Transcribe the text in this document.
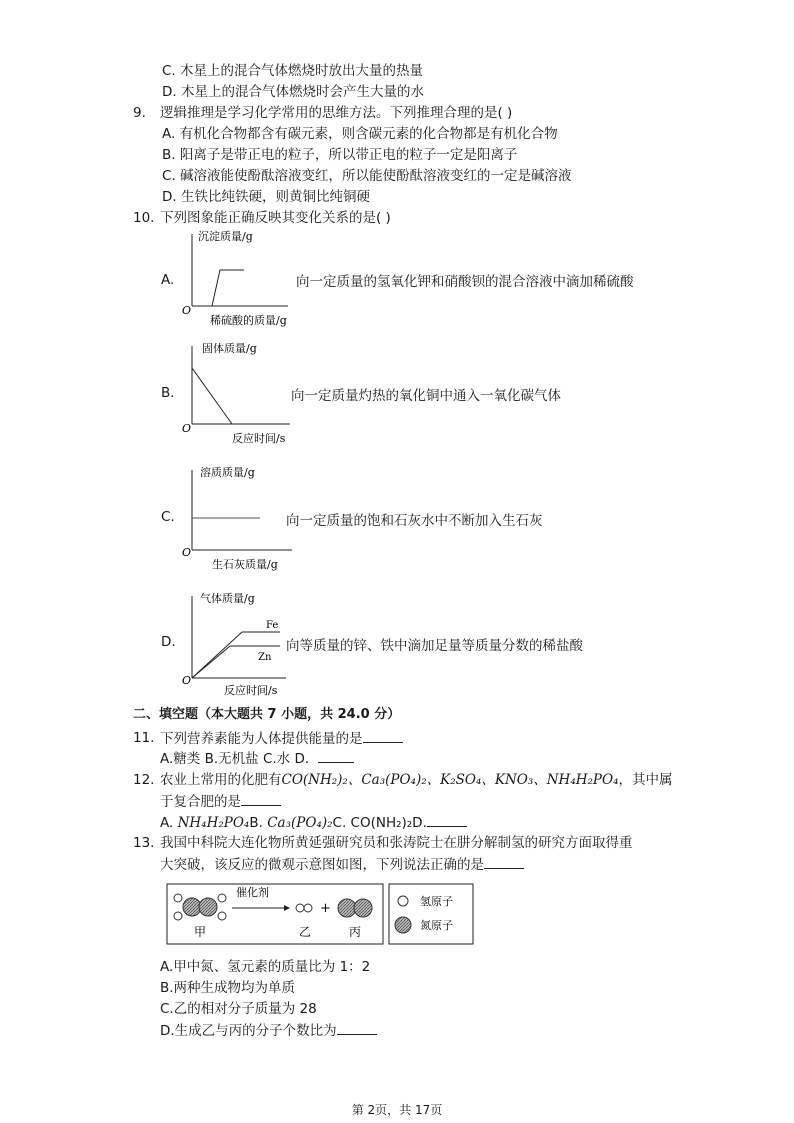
C. 木星上的混合气体燃烧时放出大量的热量
D. 木星上的混合气体燃烧时会产生大量的水
9. 逻辑推理是学习化学常用的思维方法。下列推理合理的是( )
A. 有机化合物都含有碳元素，则含碳元素的化合物都是有机化合物
B. 阳离子是带正电的粒子，所以带正电的粒子一定是阳离子
C. 碱溶液能使酚酞溶液变红，所以能使酚酞溶液变红的一定是碱溶液
D. 生铁比纯铁硬，则黄铜比纯铜硬
10. 下列图象能正确反映其变化关系的是( )
A.
沉淀质量/g
O
稀硫酸的质量/g
向一定质量的氢氧化钾和硝酸钡的混合溶液中滴加稀硫酸
B.
固体质量/g
O
反应时间/s
向一定质量灼热的氧化铜中通入一氧化碳气体
C.
溶质质量/g
O
生石灰质量/g
向一定质量的饱和石灰水中不断加入生石灰
D.
气体质量/g
Fe
Zn
O
反应时间/s
向等质量的锌、铁中滴加足量等质量分数的稀盐酸
二、填空题（本大题共 7 小题，共 24.0 分）
11. 下列营养素能为人体提供能量的是
A.糖类 B.无机盐 C.水 D．
12. 农业上常用的化肥有CO(NH₂)₂、Ca₃(PO₄)₂、K₂SO₄、KNO₃、NH₄H₂PO₄，其中属
于复合肥的是
A. NH₄H₂PO₄B. Ca₃(PO₄)₂C. CO(NH₂)₂D.
13. 我国中科院大连化物所黄延强研究员和张涛院士在肼分解制氢的研究方面取得重
大突破，该反应的微观示意图如图，下列说法正确的是
甲
催化剂
乙
+
丙
氢原子
氮原子
A.甲中氮、氢元素的质量比为 1：2
B.两种生成物均为单质
C.乙的相对分子质量为 28
D.生成乙与丙的分子个数比为
第 2页，共 17页
